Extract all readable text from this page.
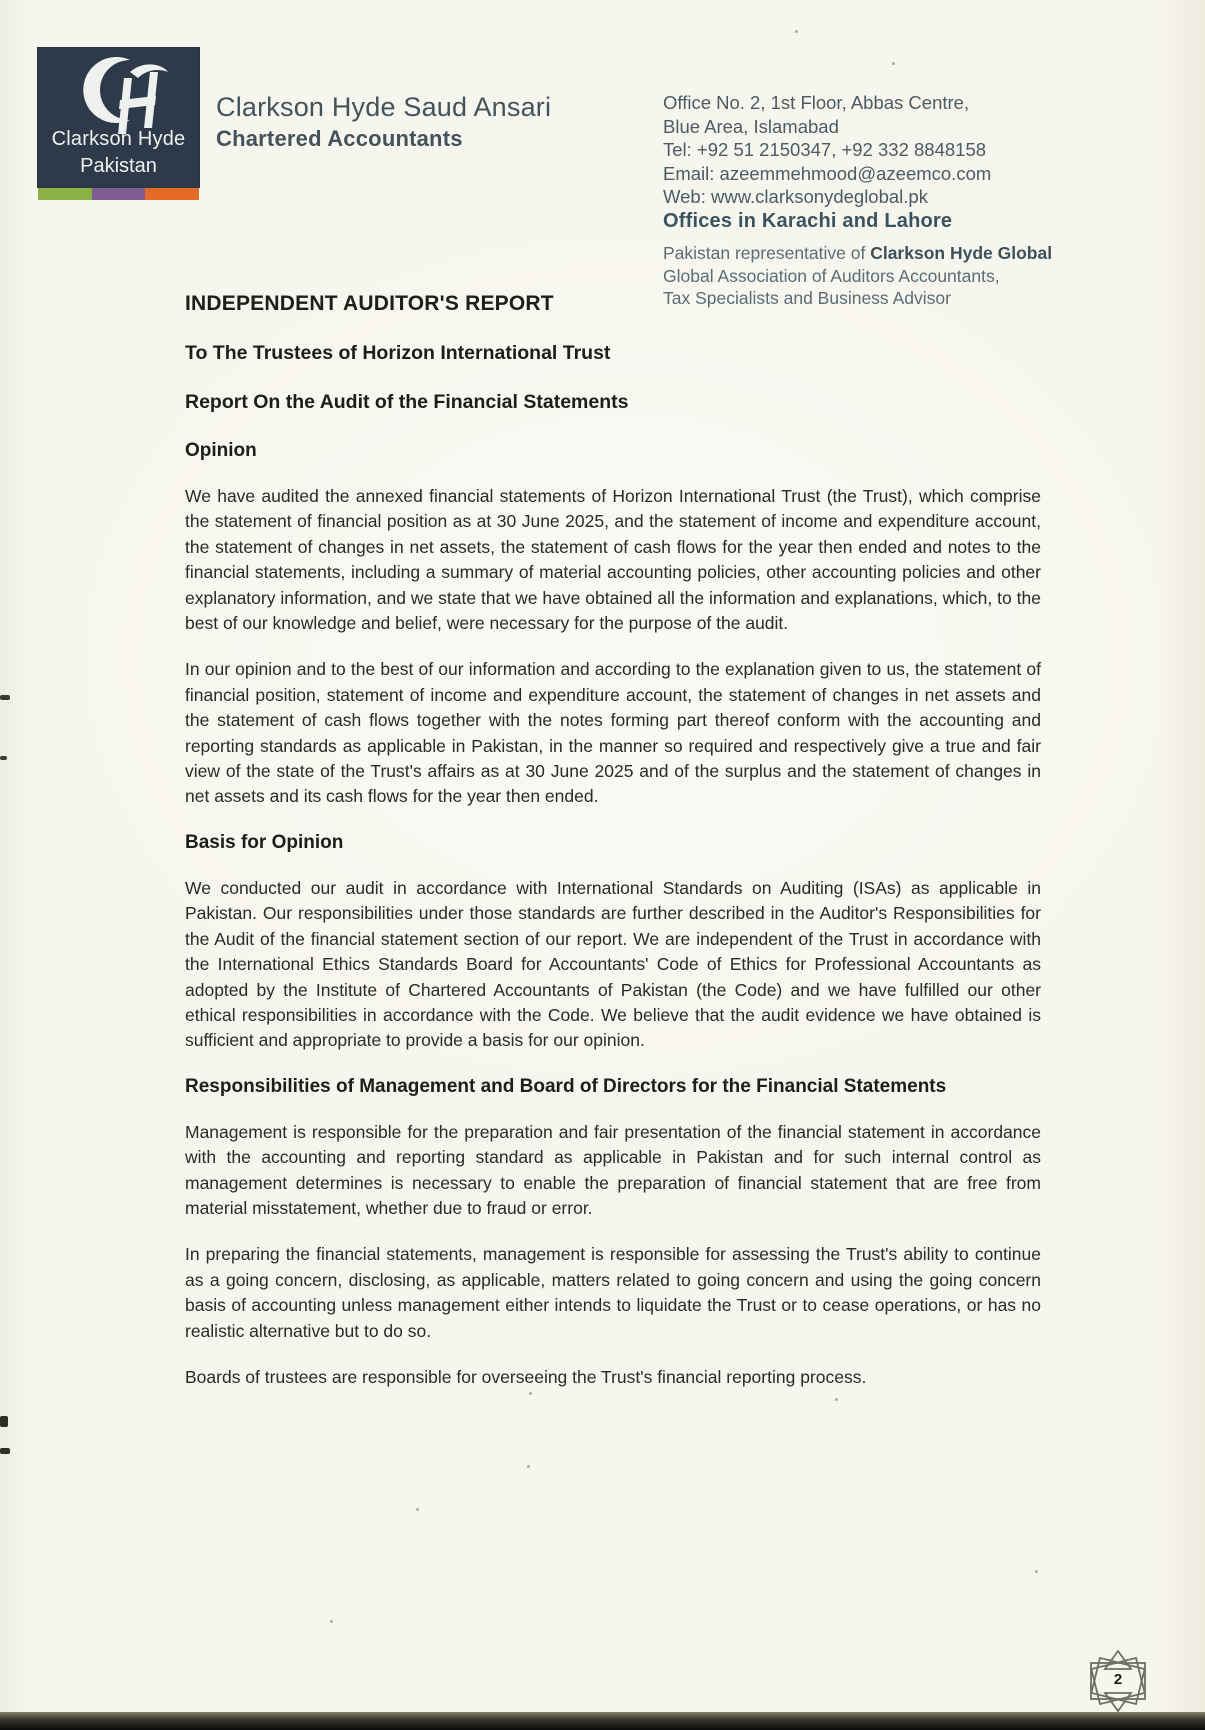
Clarkson Hyde
Pakistan
Clarkson Hyde Saud Ansari
Chartered Accountants
Office No. 2, 1st Floor, Abbas Centre,
Blue Area, Islamabad
Tel: +92 51 2150347, +92 332 8848158
Email: azeemmehmood@azeemco.com
Web: www.clarksonydeglobal.pk
Offices in Karachi and Lahore
Pakistan representative of Clarkson Hyde Global
Global Association of Auditors Accountants,
Tax Specialists and Business Advisor
INDEPENDENT AUDITOR'S REPORT
To The Trustees of Horizon International Trust
Report On the Audit of the Financial Statements
Opinion

We have audited the annexed financial statements of Horizon International Trust (the Trust), which comprise the statement of financial position as at 30 June 2025, and the statement of income and expenditure account, the statement of changes in net assets, the statement of cash flows for the year then ended and notes to the financial statements, including a summary of material accounting policies, other accounting policies and other explanatory information, and we state that we have obtained all the information and explanations, which, to the best of our knowledge and belief, were necessary for the purpose of the audit.

In our opinion and to the best of our information and according to the explanation given to us, the statement of financial position, statement of income and expenditure account, the statement of changes in net assets and the statement of cash flows together with the notes forming part thereof conform with the accounting and reporting standards as applicable in Pakistan, in the manner so required and respectively give a true and fair view of the state of the Trust's affairs as at 30 June 2025 and of the surplus and the statement of changes in net assets and its cash flows for the year then ended.

Basis for Opinion

We conducted our audit in accordance with International Standards on Auditing (ISAs) as applicable in Pakistan. Our responsibilities under those standards are further described in the Auditor's Responsibilities for the Audit of the financial statement section of our report. We are independent of the Trust in accordance with the International Ethics Standards Board for Accountants' Code of Ethics for Professional Accountants as adopted by the Institute of Chartered Accountants of Pakistan (the Code) and we have fulfilled our other ethical responsibilities in accordance with the Code. We believe that the audit evidence we have obtained is sufficient and appropriate to provide a basis for our opinion.

Responsibilities of Management and Board of Directors for the Financial Statements

Management is responsible for the preparation and fair presentation of the financial statement in accordance with the accounting and reporting standard as applicable in Pakistan and for such internal control as management determines is necessary to enable the preparation of financial statement that are free from material misstatement, whether due to fraud or error.

In preparing the financial statements, management is responsible for assessing the Trust's ability to continue as a going concern, disclosing, as applicable, matters related to going concern and using the going concern basis of accounting unless management either intends to liquidate the Trust or to cease operations, or has no realistic alternative but to do so.

Boards of trustees are responsible for overseeing the Trust's financial reporting process.

2
